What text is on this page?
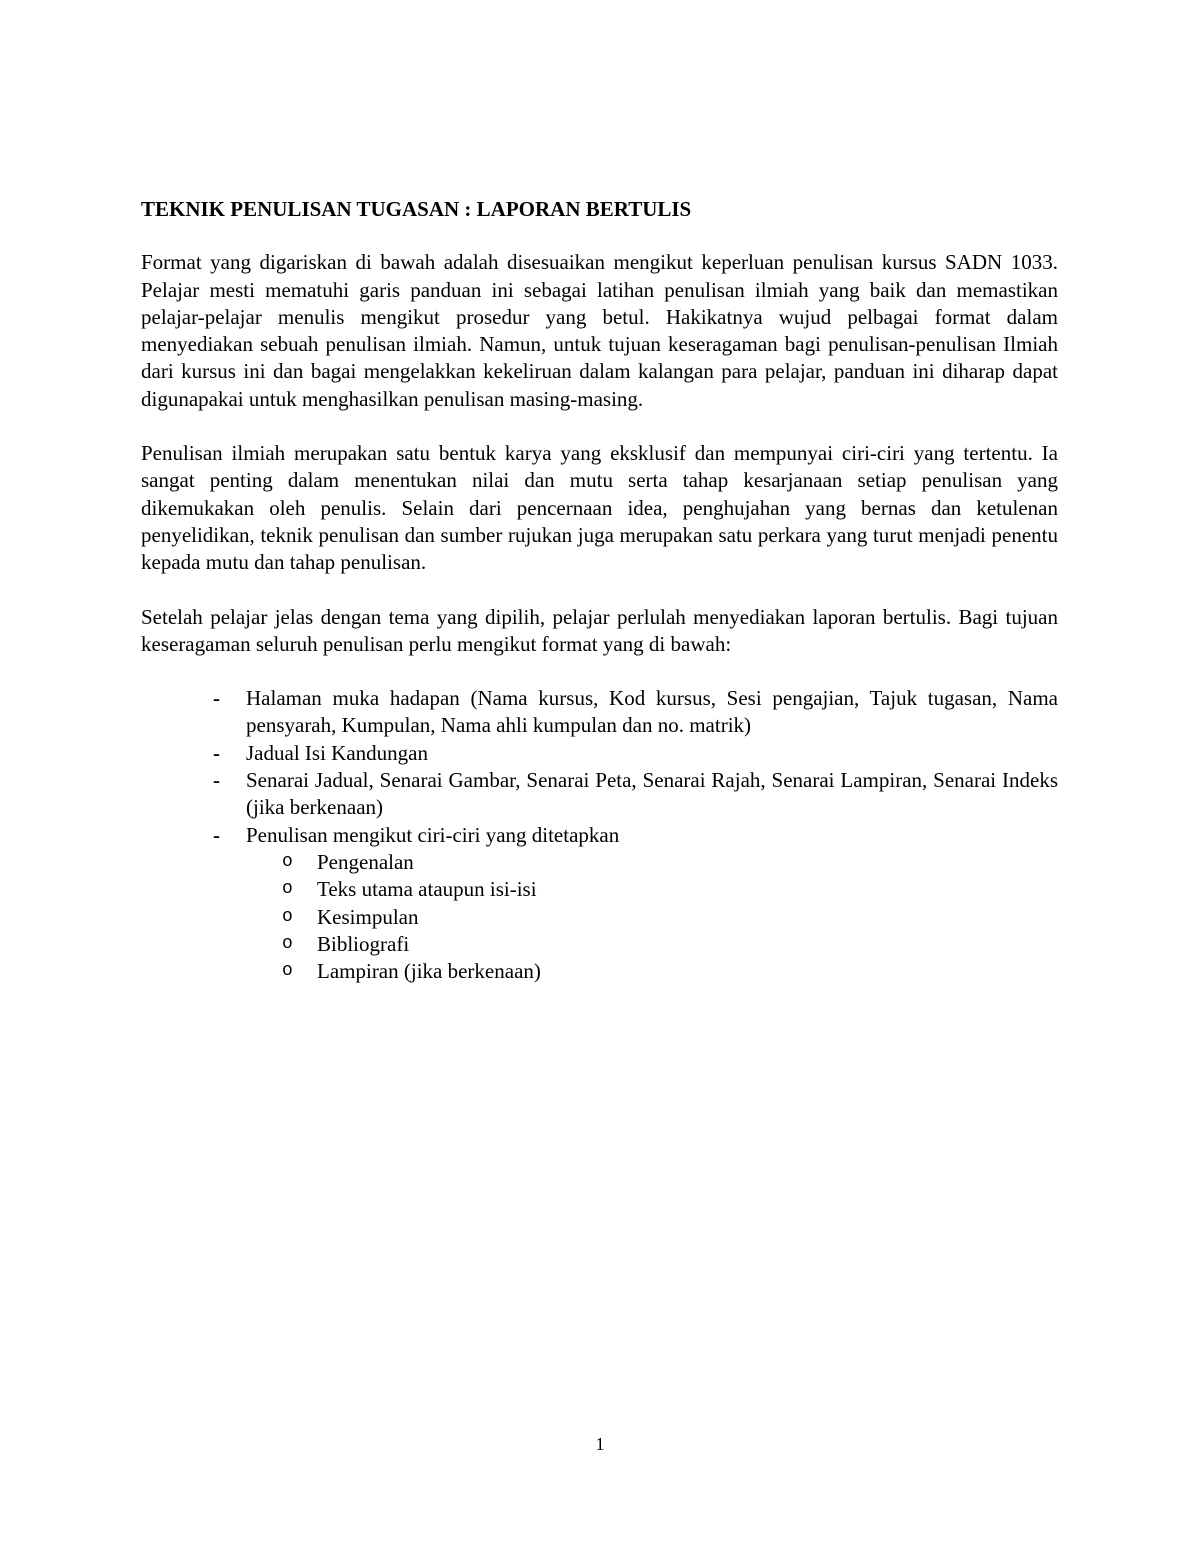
TEKNIK PENULISAN TUGASAN : LAPORAN BERTULIS

Format yang digariskan di bawah adalah disesuaikan mengikut keperluan penulisan kursus SADN 1033. Pelajar mesti mematuhi garis panduan ini sebagai latihan penulisan ilmiah yang baik dan memastikan pelajar-pelajar menulis mengikut prosedur yang betul. Hakikatnya wujud pelbagai format dalam menyediakan sebuah penulisan ilmiah. Namun, untuk tujuan keseragaman bagi penulisan-penulisan Ilmiah dari kursus ini dan bagai mengelakkan kekeliruan dalam kalangan para pelajar, panduan ini diharap dapat digunapakai untuk menghasilkan penulisan masing-masing.

Penulisan ilmiah merupakan satu bentuk karya yang eksklusif dan mempunyai ciri-ciri yang tertentu. Ia sangat penting dalam menentukan nilai dan mutu serta tahap kesarjanaan setiap penulisan yang dikemukakan oleh penulis. Selain dari pencernaan idea, penghujahan yang bernas dan ketulenan penyelidikan, teknik penulisan dan sumber rujukan juga merupakan satu perkara yang turut menjadi penentu kepada mutu dan tahap penulisan.

Setelah pelajar jelas dengan tema yang dipilih, pelajar perlulah menyediakan laporan bertulis. Bagi tujuan keseragaman seluruh penulisan perlu mengikut format yang di bawah:

- Halaman muka hadapan (Nama kursus, Kod kursus, Sesi pengajian, Tajuk tugasan, Nama pensyarah, Kumpulan, Nama ahli kumpulan dan no. matrik)
- Jadual Isi Kandungan
- Senarai Jadual, Senarai Gambar, Senarai Peta, Senarai Rajah, Senarai Lampiran, Senarai Indeks (jika berkenaan)
- Penulisan mengikut ciri-ciri yang ditetapkan
o Pengenalan
o Teks utama ataupun isi-isi
o Kesimpulan
o Bibliografi
o Lampiran (jika berkenaan)
1
